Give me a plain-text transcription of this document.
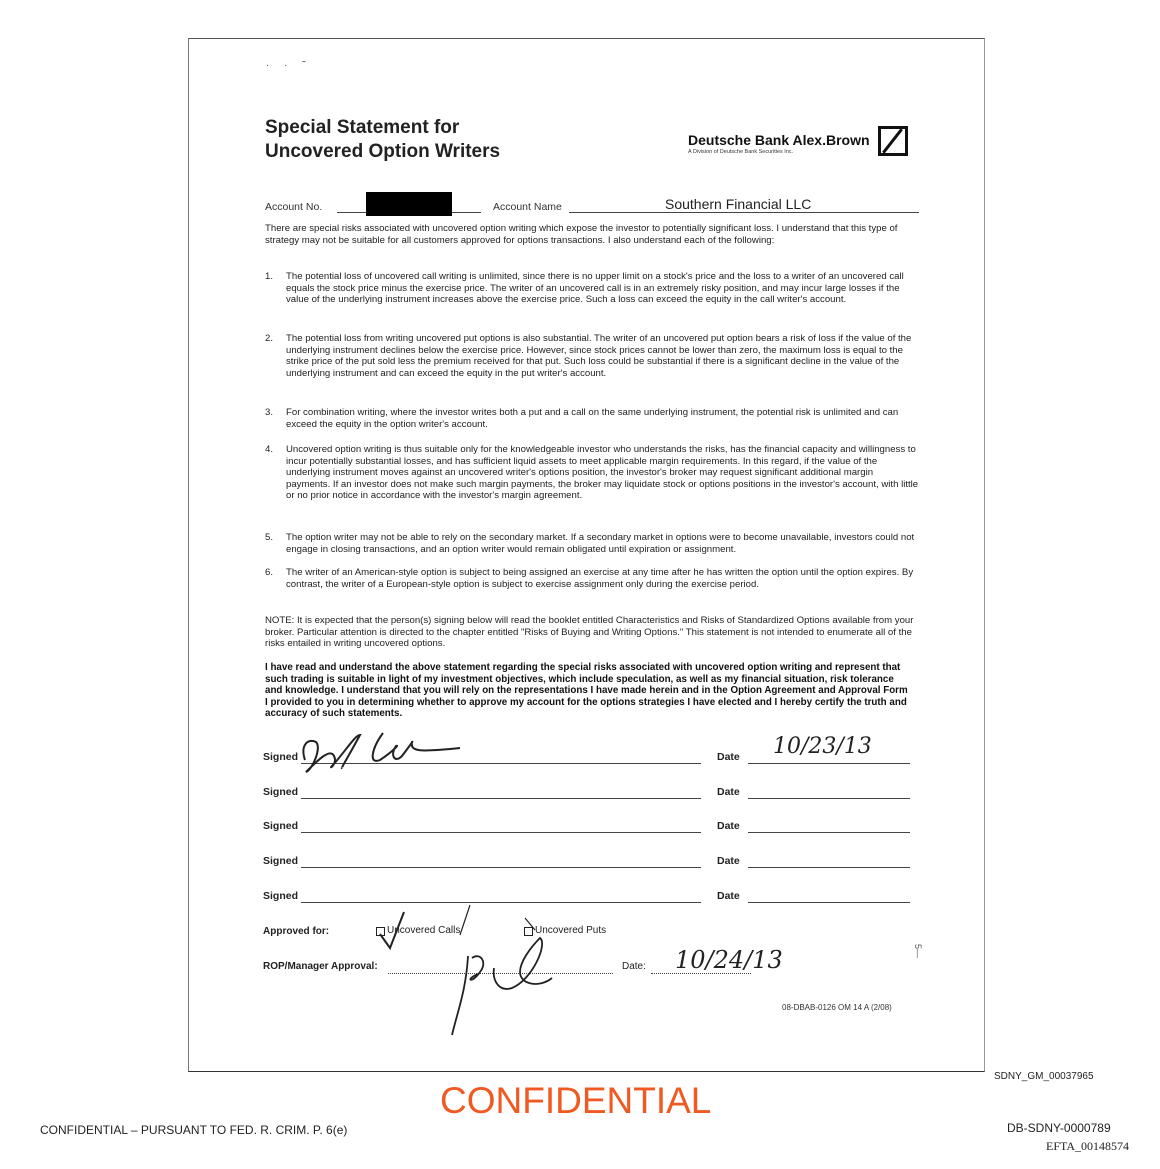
· · ˜
Special Statement for
Uncovered Option Writers
Deutsche Bank Alex.Brown
A Division of Deutsche Bank Securities Inc.
Account No.	Account Name	Southern Financial LLC
There are special risks associated with uncovered option writing which expose the investor to potentially significant loss. I understand that this type of strategy may not be suitable for all customers approved for options transactions. I also understand each of the following:
1. The potential loss of uncovered call writing is unlimited, since there is no upper limit on a stock's price and the loss to a writer of an uncovered call equals the stock price minus the exercise price. The writer of an uncovered call is in an extremely risky position, and may incur large losses if the value of the underlying instrument increases above the exercise price. Such a loss can exceed the equity in the call writer's account.
2. The potential loss from writing uncovered put options is also substantial. The writer of an uncovered put option bears a risk of loss if the value of the underlying instrument declines below the exercise price. However, since stock prices cannot be lower than zero, the maximum loss is equal to the strike price of the put sold less the premium received for that put. Such loss could be substantial if there is a significant decline in the value of the underlying instrument and can exceed the equity in the put writer's account.
3. For combination writing, where the investor writes both a put and a call on the same underlying instrument, the potential risk is unlimited and can exceed the equity in the option writer's account.
4. Uncovered option writing is thus suitable only for the knowledgeable investor who understands the risks, has the financial capacity and willingness to incur potentially substantial losses, and has sufficient liquid assets to meet applicable margin requirements. In this regard, if the value of the underlying instrument moves against an uncovered writer's options position, the investor's broker may request significant additional margin payments. If an investor does not make such margin payments, the broker may liquidate stock or options positions in the investor's account, with little or no prior notice in accordance with the investor's margin agreement.
5. The option writer may not be able to rely on the secondary market. If a secondary market in options were to become unavailable, investors could not engage in closing transactions, and an option writer would remain obligated until expiration or assignment.
6. The writer of an American-style option is subject to being assigned an exercise at any time after he has written the option until the option expires. By contrast, the writer of a European-style option is subject to exercise assignment only during the exercise period.
NOTE: It is expected that the person(s) signing below will read the booklet entitled Characteristics and Risks of Standardized Options available from your broker. Particular attention is directed to the chapter entitled "Risks of Buying and Writing Options." This statement is not intended to enumerate all of the risks entailed in writing uncovered options.
I have read and understand the above statement regarding the special risks associated with uncovered option writing and represent that such trading is suitable in light of my investment objectives, which include speculation, as well as my financial situation, risk tolerance and knowledge. I understand that you will rely on the representations I have made herein and in the Option Agreement and Approval Form I provided to you in determining whether to approve my account for the options strategies I have elected and I hereby certify the truth and accuracy of such statements.
Signed	Date 10/23/13
Signed	Date
Signed	Date
Signed	Date
Signed	Date
Approved for:	Uncovered Calls	Uncovered Puts
ROP/Manager Approval:	Date: 10/24/13
08-DBAB-0126 OM 14 A (2/08)
5—
SDNY_GM_00037965
CONFIDENTIAL
CONFIDENTIAL – PURSUANT TO FED. R. CRIM. P. 6(e)	DB-SDNY-0000789
EFTA_00148574
